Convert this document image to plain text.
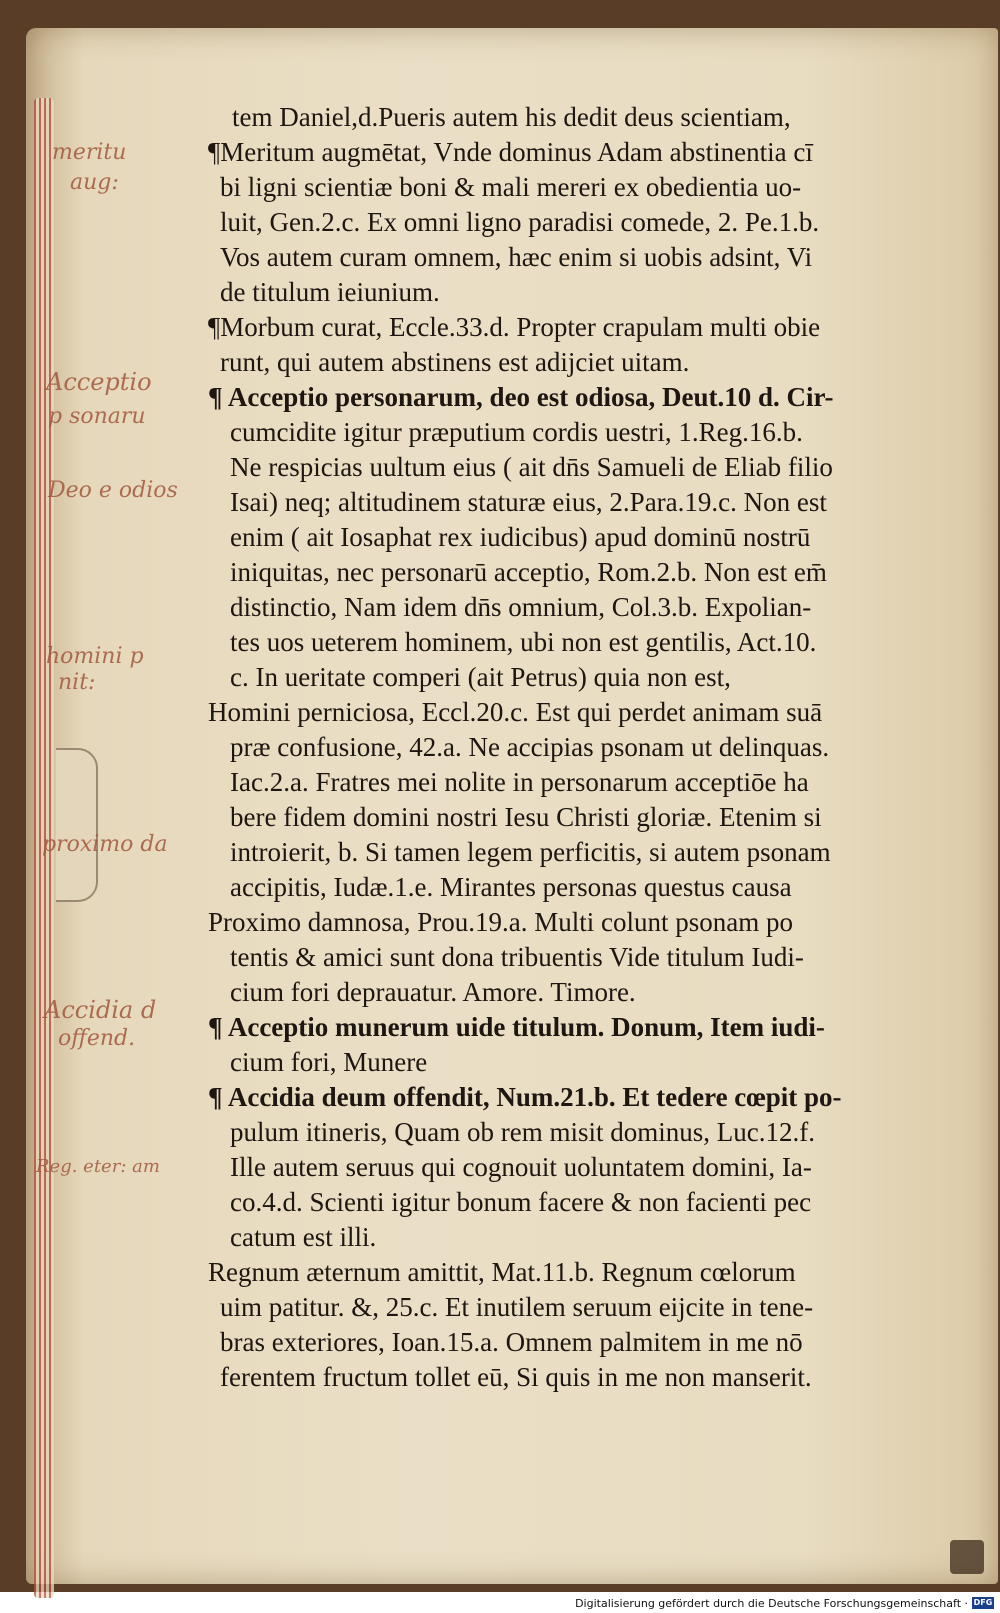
meritu
aug:
Acceptio
p sonaru
Deo e odios
homini p
nit:
proximo da
Accidia d
offend.
Reg. eter: am
tem Daniel,d.Pueris autem his dedit deus scientiam,
¶Meritum augmētat, Vnde dominus Adam abstinentia cī
bi ligni scientiæ boni & mali mereri ex obedientia uo-
luit, Gen.2.c. Ex omni ligno paradisi comede, 2. Pe.1.b.
Vos autem curam omnem, hæc enim si uobis adsint, Vi
de titulum ieiunium.
¶Morbum curat, Eccle.33.d. Propter crapulam multi obie
runt, qui autem abstinens est adijciet uitam.
¶ Acceptio personarum, deo est odiosa, Deut.10 d. Cir-
cumcidite igitur præputium cordis uestri, 1.Reg.16.b.
Ne respicias uultum eius ( ait dn̄s Samueli de Eliab filio
Isai) neq; altitudinem staturæ eius, 2.Para.19.c. Non est
enim ( ait Iosaphat rex iudicibus) apud dominū nostrū
iniquitas, nec personarū acceptio, Rom.2.b. Non est em̄
distinctio, Nam idem dn̄s omnium, Col.3.b. Expolian-
tes uos ueterem hominem, ubi non est gentilis, Act.10.
c. In ueritate comperi (ait Petrus) quia non est,
Homini perniciosa, Eccl.20.c. Est qui perdet animam suā
præ confusione, 42.a. Ne accipias psonam ut delinquas.
Iac.2.a. Fratres mei nolite in personarum acceptiōe ha
bere fidem domini nostri Iesu Christi gloriæ. Etenim si
introierit, b. Si tamen legem perficitis, si autem psonam
accipitis, Iudæ.1.e. Mirantes personas questus causa
Proximo damnosa, Prou.19.a. Multi colunt psonam po
tentis & amici sunt dona tribuentis Vide titulum Iudi-
cium fori deprauatur. Amore. Timore.
¶ Acceptio munerum uide titulum. Donum, Item iudi-
cium fori, Munere
¶ Accidia deum offendit, Num.21.b. Et tedere cœpit po-
pulum itineris, Quam ob rem misit dominus, Luc.12.f.
Ille autem seruus qui cognouit uoluntatem domini, Ia-
co.4.d. Scienti igitur bonum facere & non facienti pec
catum est illi.
Regnum æternum amittit, Mat.11.b. Regnum cœlorum
uim patitur. &, 25.c. Et inutilem seruum eijcite in tene-
bras exteriores, Ioan.15.a. Omnem palmitem in me nō
ferentem fructum tollet eū, Si quis in me non manserit.
Digitalisierung gefördert durch die Deutsche Forschungsgemeinschaft · DFG
